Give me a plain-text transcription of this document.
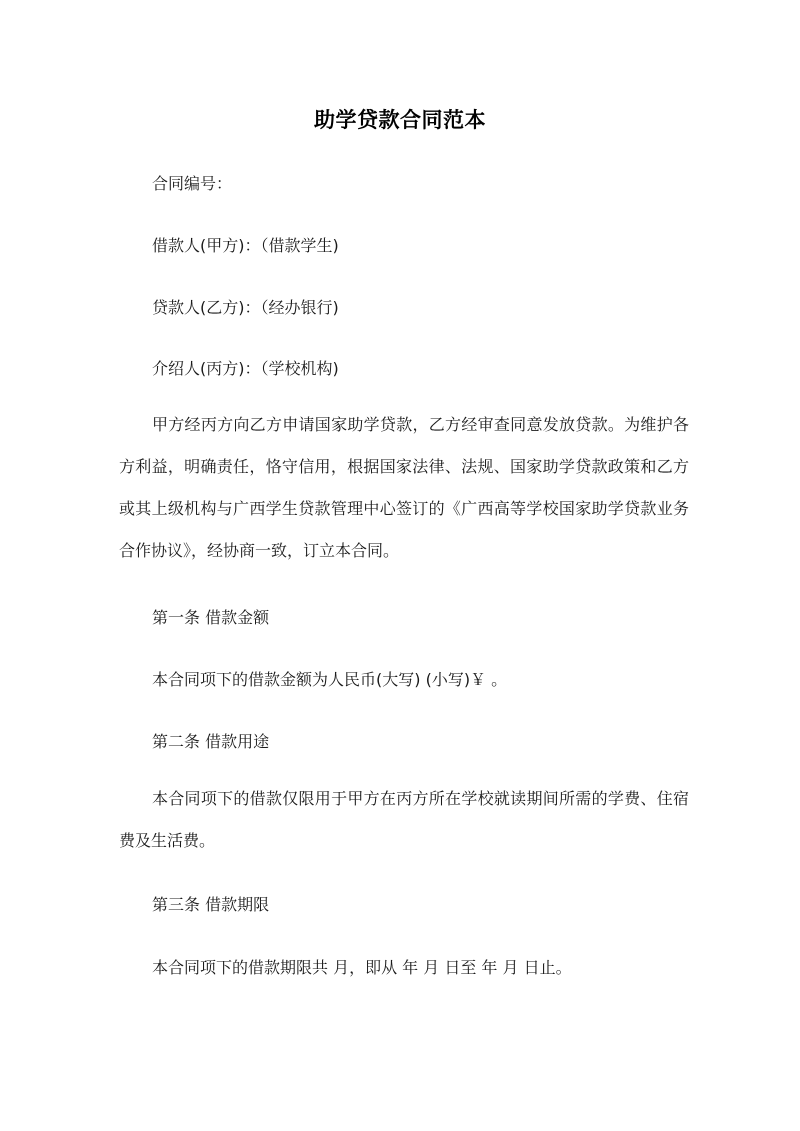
助学贷款合同范本
合同编号：
借款人(甲方)：（借款学生)
贷款人(乙方)：（经办银行)
介绍人(丙方)：（学校机构)
甲方经丙方向乙方申请国家助学贷款，乙方经审查同意发放贷款。为维护各方利益，明确责任，恪守信用，根据国家法律、法规、国家助学贷款政策和乙方或其上级机构与广西学生贷款管理中心签订的《广西高等学校国家助学贷款业务合作协议》，经协商一致，订立本合同。
第一条 借款金额
本合同项下的借款金额为人民币(大写) (小写)￥ 。
第二条 借款用途
本合同项下的借款仅限用于甲方在丙方所在学校就读期间所需的学费、住宿费及生活费。
第三条 借款期限
本合同项下的借款期限共 月，即从 年 月 日至 年 月 日止。
